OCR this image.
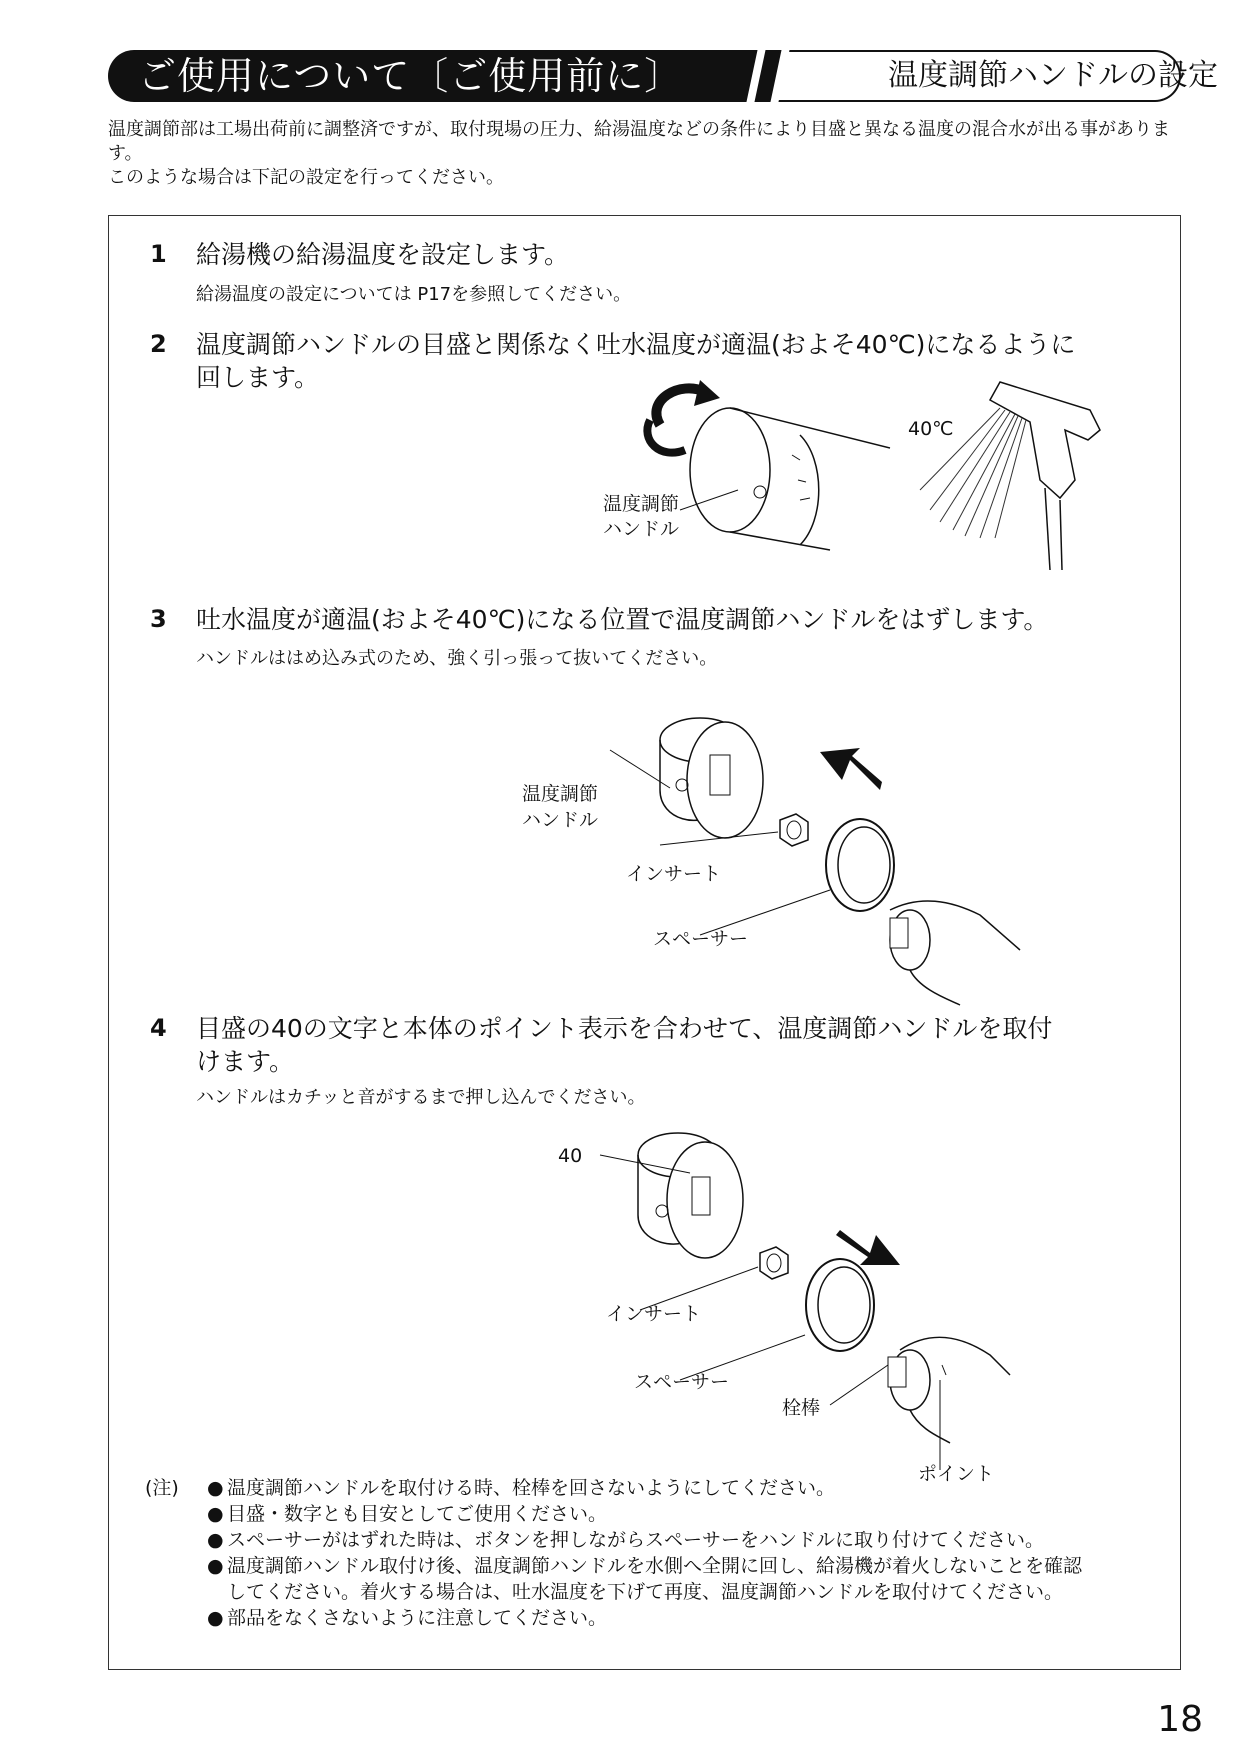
ご使用について〔ご使用前に〕	温度調節ハンドルの設定

温度調節部は工場出荷前に調整済ですが、取付現場の圧力、給湯温度などの条件により目盛と異なる温度の混合水が出る事があります。

このような場合は下記の設定を行ってください。

1 給湯機の給湯温度を設定します。
給湯温度の設定については P17を参照してください。
2 温度調節ハンドルの目盛と関係なく吐水温度が適温(およそ40℃)になるように回します。
40℃
温度調節
ハンドル
3 吐水温度が適温(およそ40℃)になる位置で温度調節ハンドルをはずします。
ハンドルははめ込み式のため、強く引っ張って抜いてください。
温度調節
ハンドル
インサート
スペーサー
4 目盛の40の文字と本体のポイント表示を合わせて、温度調節ハンドルを取付けます。
ハンドルはカチッと音がするまで押し込んでください。
40
インサート
スペーサー
栓棒
ポイント
(注)
●	温度調節ハンドルを取付ける時、栓棒を回さないようにしてください。
● 目盛・数字とも目安としてご使用ください。
● スペーサーがはずれた時は、ボタンを押しながらスペーサーをハンドルに取り付けてください。
● 温度調節ハンドル取付け後、温度調節ハンドルを水側へ全開に回し、給湯機が着火しないことを確認してください。着火する場合は、吐水温度を下げて再度、温度調節ハンドルを取付けてください。
● 部品をなくさないように注意してください。
18
